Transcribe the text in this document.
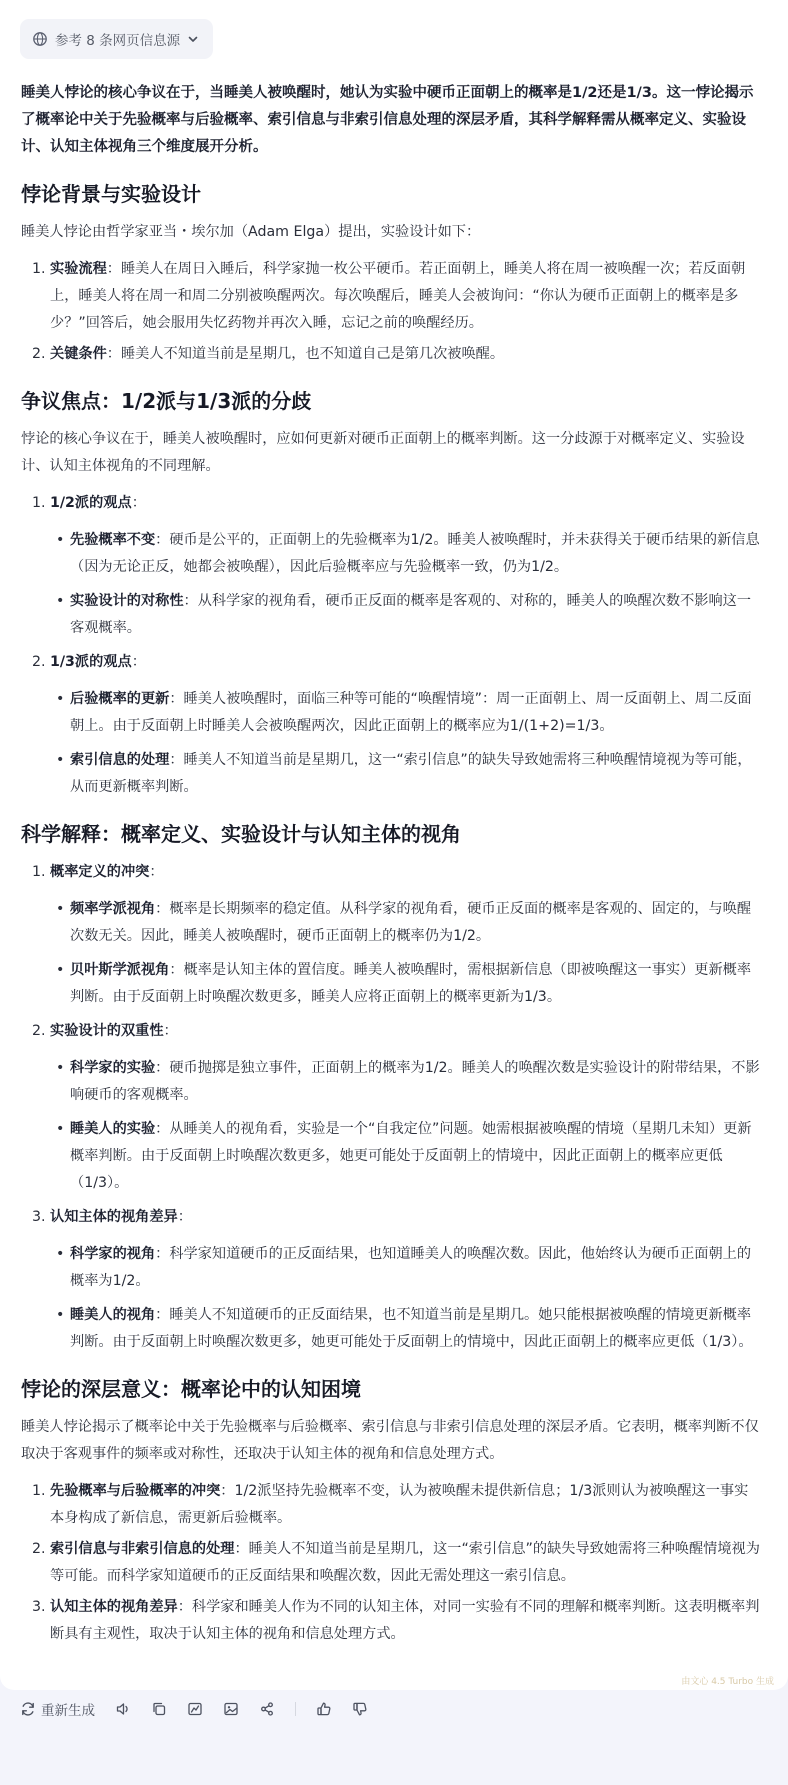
参考 8 条网页信息源
睡美人悖论的核心争议在于，当睡美人被唤醒时，她认为实验中硬币正面朝上的概率是1/2还是1/3。这一悖论揭示了概率论中关于先验概率与后验概率、索引信息与非索引信息处理的深层矛盾，其科学解释需从概率定义、实验设计、认知主体视角三个维度展开分析。
悖论背景与实验设计

睡美人悖论由哲学家亚当・埃尔加（Adam Elga）提出，实验设计如下：

1. 实验流程：睡美人在周日入睡后，科学家抛一枚公平硬币。若正面朝上，睡美人将在周一被唤醒一次；若反面朝上，睡美人将在周一和周二分别被唤醒两次。每次唤醒后，睡美人会被询问：“你认为硬币正面朝上的概率是多少？”回答后，她会服用失忆药物并再次入睡，忘记之前的唤醒经历。
2. 关键条件：睡美人不知道当前是星期几，也不知道自己是第几次被唤醒。
争议焦点：1/2派与1/3派的分歧

悖论的核心争议在于，睡美人被唤醒时，应如何更新对硬币正面朝上的概率判断。这一分歧源于对概率定义、实验设计、认知主体视角的不同理解。

1. 1/2派的观点：
• 先验概率不变：硬币是公平的，正面朝上的先验概率为1/2。睡美人被唤醒时，并未获得关于硬币结果的新信息（因为无论正反，她都会被唤醒），因此后验概率应与先验概率一致，仍为1/2。
• 实验设计的对称性：从科学家的视角看，硬币正反面的概率是客观的、对称的，睡美人的唤醒次数不影响这一客观概率。
2. 1/3派的观点：
• 后验概率的更新：睡美人被唤醒时，面临三种等可能的“唤醒情境”：周一正面朝上、周一反面朝上、周二反面朝上。由于反面朝上时睡美人会被唤醒两次，因此正面朝上的概率应为1/(1+2)=1/3。
• 索引信息的处理：睡美人不知道当前是星期几，这一“索引信息”的缺失导致她需将三种唤醒情境视为等可能，从而更新概率判断。
科学解释：概率定义、实验设计与认知主体的视角
1. 概率定义的冲突：
• 频率学派视角：概率是长期频率的稳定值。从科学家的视角看，硬币正反面的概率是客观的、固定的，与唤醒次数无关。因此，睡美人被唤醒时，硬币正面朝上的概率仍为1/2。
• 贝叶斯学派视角：概率是认知主体的置信度。睡美人被唤醒时，需根据新信息（即被唤醒这一事实）更新概率判断。由于反面朝上时唤醒次数更多，睡美人应将正面朝上的概率更新为1/3。
2. 实验设计的双重性：
• 科学家的实验：硬币抛掷是独立事件，正面朝上的概率为1/2。睡美人的唤醒次数是实验设计的附带结果，不影响硬币的客观概率。
• 睡美人的实验：从睡美人的视角看，实验是一个“自我定位”问题。她需根据被唤醒的情境（星期几未知）更新概率判断。由于反面朝上时唤醒次数更多，她更可能处于反面朝上的情境中，因此正面朝上的概率应更低（1/3）。
3. 认知主体的视角差异：
• 科学家的视角：科学家知道硬币的正反面结果，也知道睡美人的唤醒次数。因此，他始终认为硬币正面朝上的概率为1/2。
• 睡美人的视角：睡美人不知道硬币的正反面结果，也不知道当前是星期几。她只能根据被唤醒的情境更新概率判断。由于反面朝上时唤醒次数更多，她更可能处于反面朝上的情境中，因此正面朝上的概率应更低（1/3）。
悖论的深层意义：概率论中的认知困境

睡美人悖论揭示了概率论中关于先验概率与后验概率、索引信息与非索引信息处理的深层矛盾。它表明，概率判断不仅取决于客观事件的频率或对称性，还取决于认知主体的视角和信息处理方式。

1. 先验概率与后验概率的冲突：1/2派坚持先验概率不变，认为被唤醒未提供新信息；1/3派则认为被唤醒这一事实本身构成了新信息，需更新后验概率。
2. 索引信息与非索引信息的处理：睡美人不知道当前是星期几，这一“索引信息”的缺失导致她需将三种唤醒情境视为等可能。而科学家知道硬币的正反面结果和唤醒次数，因此无需处理这一索引信息。
3. 认知主体的视角差异：科学家和睡美人作为不同的认知主体，对同一实验有不同的理解和概率判断。这表明概率判断具有主观性，取决于认知主体的视角和信息处理方式。
由文心 4.5 Turbo 生成
重新生成
